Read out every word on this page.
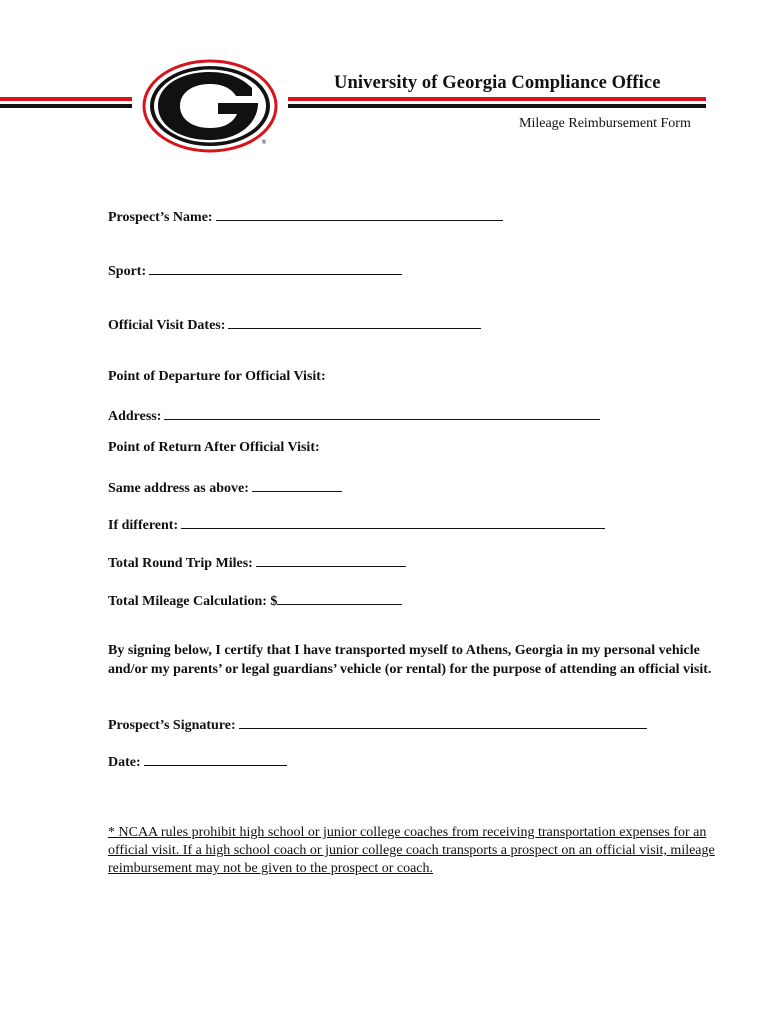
®
University of Georgia Compliance Office
Mileage Reimbursement Form
Prospect’s Name:
Sport:
Official Visit Dates:
Point of Departure for Official Visit:
Address:
Point of Return After Official Visit:
Same address as above:
If different:
Total Round Trip Miles:
Total Mileage Calculation: $
By signing below, I certify that I have transported myself to Athens, Georgia in my personal vehicle and/or my parents’ or legal guardians’ vehicle (or rental) for the purpose of attending an official visit.
Prospect’s Signature:
Date:
* NCAA rules prohibit high school or junior college coaches from receiving transportation expenses for an official visit. If a high school coach or junior college coach transports a prospect on an official visit, mileage reimbursement may not be given to the prospect or coach.
